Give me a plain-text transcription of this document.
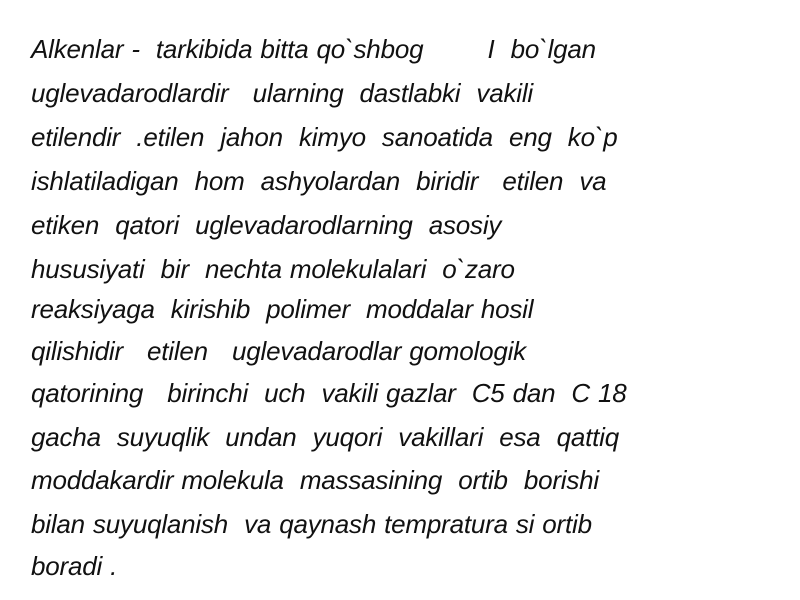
Alkenlar -  tarkibida bitta qo`shbog        I  bo`lgan

uglevadarodlardir   ularning  dastlabki  vakili

etilendir  .etilen  jahon  kimyo  sanoatida  eng  ko`p

ishlatiladigan  hom  ashyolardan  biridir   etilen  va

etiken  qatori  uglevadarodlarning  asosiy

hususiyati  bir  nechta molekulalari  o`zaro

reaksiyaga  kirishib  polimer  moddalar hosil

qilishidir   etilen   uglevadarodlar gomologik

qatorining   birinchi  uch  vakili gazlar  C5 dan  C 18

gacha  suyuqlik  undan  yuqori  vakillari  esa  qattiq

moddakardir molekula  massasining  ortib  borishi

bilan suyuqlanish  va qaynash tempratura si ortib

boradi .
